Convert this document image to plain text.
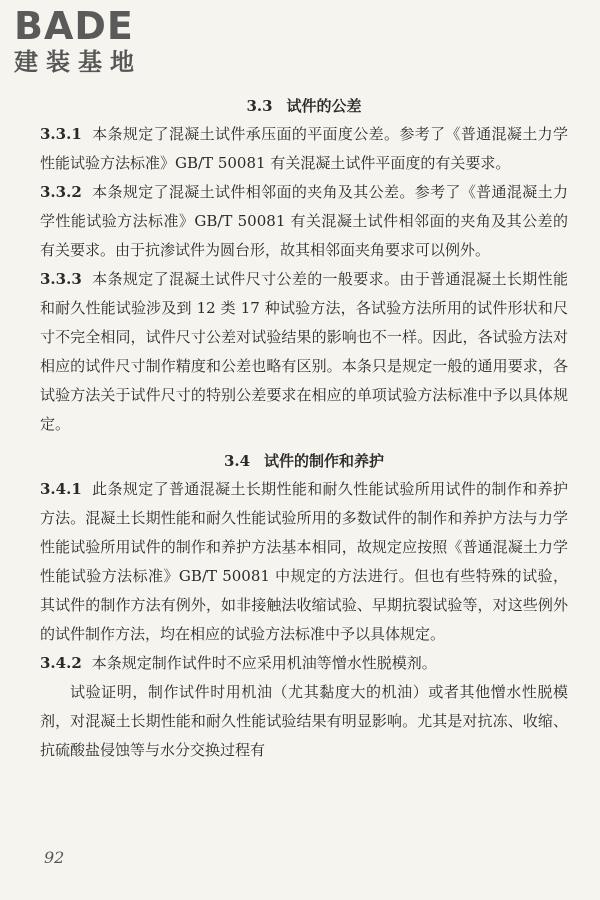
BADE
建装基地
3.3 试件的公差

3.3.1 本条规定了混凝土试件承压面的平面度公差。参考了《普通混凝土力学性能试验方法标准》GB/T 50081 有关混凝土试件平面度的有关要求。

3.3.2 本条规定了混凝土试件相邻面的夹角及其公差。参考了《普通混凝土力学性能试验方法标准》GB/T 50081 有关混凝土试件相邻面的夹角及其公差的有关要求。由于抗渗试件为圆台形，故其相邻面夹角要求可以例外。

3.3.3 本条规定了混凝土试件尺寸公差的一般要求。由于普通混凝土长期性能和耐久性能试验涉及到 12 类 17 种试验方法，各试验方法所用的试件形状和尺寸不完全相同，试件尺寸公差对试验结果的影响也不一样。因此，各试验方法对相应的试件尺寸制作精度和公差也略有区别。本条只是规定一般的通用要求，各试验方法关于试件尺寸的特别公差要求在相应的单项试验方法标准中予以具体规定。

3.4 试件的制作和养护

3.4.1 此条规定了普通混凝土长期性能和耐久性能试验所用试件的制作和养护方法。混凝土长期性能和耐久性能试验所用的多数试件的制作和养护方法与力学性能试验所用试件的制作和养护方法基本相同，故规定应按照《普通混凝土力学性能试验方法标准》GB/T 50081 中规定的方法进行。但也有些特殊的试验，其试件的制作方法有例外，如非接触法收缩试验、早期抗裂试验等，对这些例外的试件制作方法，均在相应的试验方法标准中予以具体规定。

3.4.2 本条规定制作试件时不应采用机油等憎水性脱模剂。

试验证明，制作试件时用机油（尤其黏度大的机油）或者其他憎水性脱模剂，对混凝土长期性能和耐久性能试验结果有明显影响。尤其是对抗冻、收缩、抗硫酸盐侵蚀等与水分交换过程有

92
